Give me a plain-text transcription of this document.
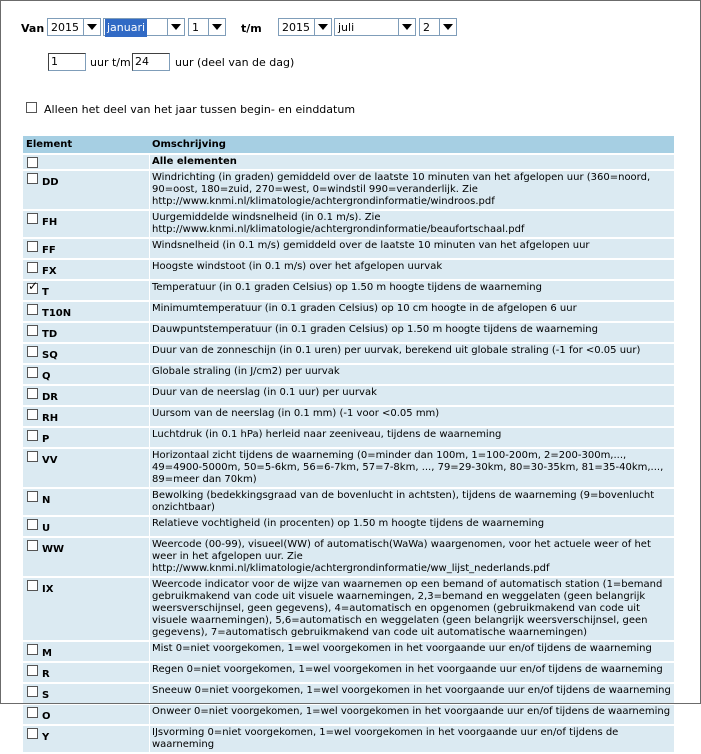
Van 2015	januari	1	t/m	2015	juli	2
1	uur t/m 24	uur (deel van de dag)
Alleen het deel van het jaar tussen begin- en einddatum
Element	Omschrijving
	Alle elementen
DD	Windrichting (in graden) gemiddeld over de laatste 10 minuten van het afgelopen uur (360=noord, 90=oost, 180=zuid, 270=west, 0=windstil 990=veranderlijk. Zie http://www.knmi.nl/klimatologie/achtergrondinformatie/windroos.pdf
FH	Uurgemiddelde windsnelheid (in 0.1 m/s). Zie http://www.knmi.nl/klimatologie/achtergrondinformatie/beaufortschaal.pdf
FF	Windsnelheid (in 0.1 m/s) gemiddeld over de laatste 10 minuten van het afgelopen uur
FX	Hoogste windstoot (in 0.1 m/s) over het afgelopen uurvak
✓T	Temperatuur (in 0.1 graden Celsius) op 1.50 m hoogte tijdens de waarneming
T10N	Minimumtemperatuur (in 0.1 graden Celsius) op 10 cm hoogte in de afgelopen 6 uur
TD	Dauwpuntstemperatuur (in 0.1 graden Celsius) op 1.50 m hoogte tijdens de waarneming
SQ	Duur van de zonneschijn (in 0.1 uren) per uurvak, berekend uit globale straling (-1 for <0.05 uur)
Q	Globale straling (in J/cm2) per uurvak
DR	Duur van de neerslag (in 0.1 uur) per uurvak
RH	Uursom van de neerslag (in 0.1 mm) (-1 voor <0.05 mm)
P	Luchtdruk (in 0.1 hPa) herleid naar zeeniveau, tijdens de waarneming
VV	Horizontaal zicht tijdens de waarneming (0=minder dan 100m, 1=100-200m, 2=200-300m,..., 49=4900-5000m, 50=5-6km, 56=6-7km, 57=7-8km, ..., 79=29-30km, 80=30-35km, 81=35-40km,..., 89=meer dan 70km)
N	Bewolking (bedekkingsgraad van de bovenlucht in achtsten), tijdens de waarneming (9=bovenlucht onzichtbaar)
U	Relatieve vochtigheid (in procenten) op 1.50 m hoogte tijdens de waarneming
WW	Weercode (00-99), visueel(WW) of automatisch(WaWa) waargenomen, voor het actuele weer of het weer in het afgelopen uur. Zie http://www.knmi.nl/klimatologie/achtergrondinformatie/ww_lijst_nederlands.pdf
IX	Weercode indicator voor de wijze van waarnemen op een bemand of automatisch station (1=bemand gebruikmakend van code uit visuele waarnemingen, 2,3=bemand en weggelaten (geen belangrijk weersverschijnsel, geen gegevens), 4=automatisch en opgenomen (gebruikmakend van code uit visuele waarnemingen), 5,6=automatisch en weggelaten (geen belangrijk weersverschijnsel, geen gegevens), 7=automatisch gebruikmakend van code uit automatische waarnemingen)
M	Mist 0=niet voorgekomen, 1=wel voorgekomen in het voorgaande uur en/of tijdens de waarneming
R	Regen 0=niet voorgekomen, 1=wel voorgekomen in het voorgaande uur en/of tijdens de waarneming
S	Sneeuw 0=niet voorgekomen, 1=wel voorgekomen in het voorgaande uur en/of tijdens de waarneming
O	Onweer 0=niet voorgekomen, 1=wel voorgekomen in het voorgaande uur en/of tijdens de waarneming
Y	IJsvorming 0=niet voorgekomen, 1=wel voorgekomen in het voorgaande uur en/of tijdens de waarneming
